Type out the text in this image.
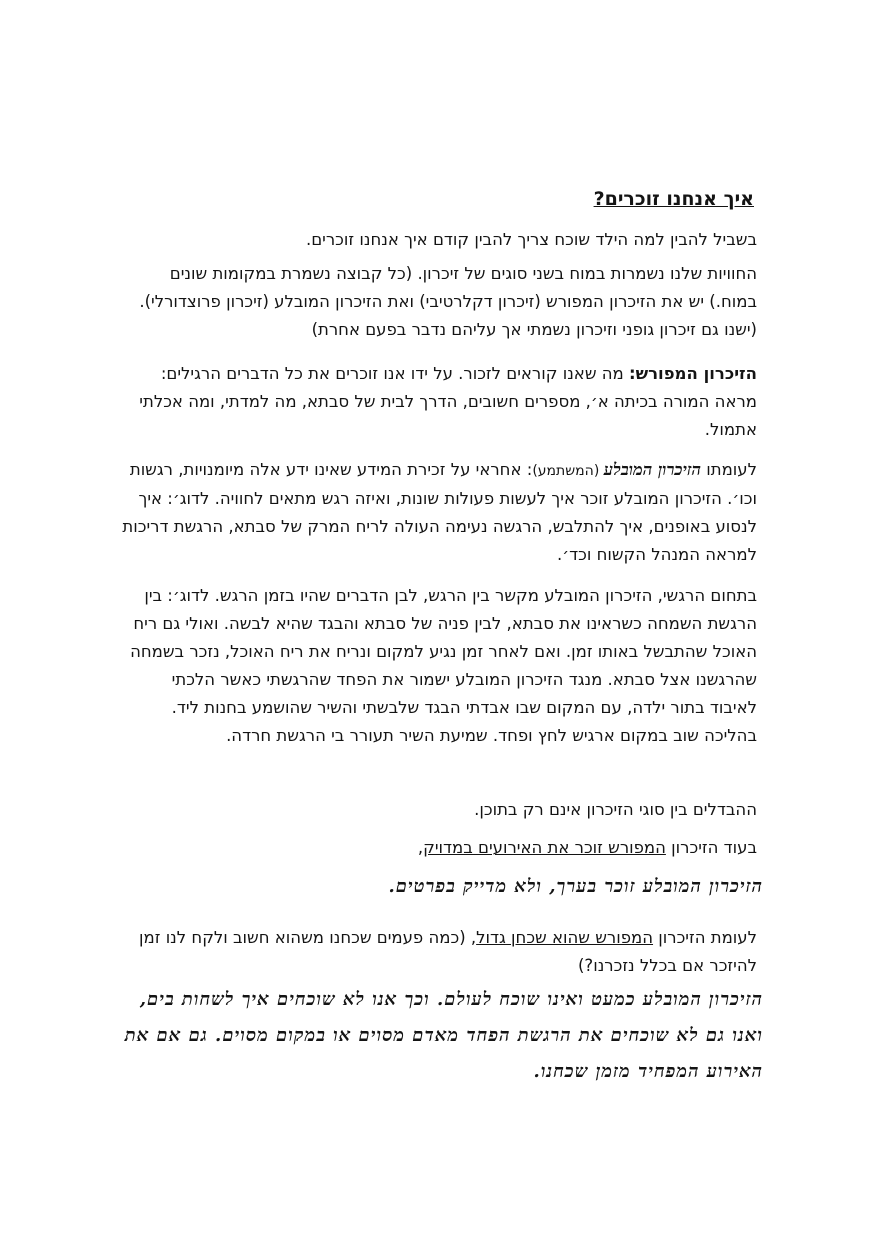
איך אנחנו זוכרים?
בשביל להבין למה הילד שוכח צריך להבין קודם איך אנחנו זוכרים.
החוויות שלנו נשמרות במוח בשני סוגים של זיכרון. (כל קבוצה נשמרת במקומות שונים במוח.) יש את הזיכרון המפורש (זיכרון דקלרטיבי) ואת הזיכרון המובלע (זיכרון פרוצדורלי). (ישנו גם זיכרון גופני וזיכרון נשמתי אך עליהם נדבר בפעם אחרת)
הזיכרון המפורש: מה שאנו קוראים לזכור. על ידו אנו זוכרים את כל הדברים הרגילים: מראה המורה בכיתה א׳, מספרים חשובים, הדרך לבית של סבתא, מה למדתי, ומה אכלתי אתמול.
לעומתו הזיכרון המובלע (המשתמע): אחראי על זכירת המידע שאינו ידע אלה מיומנויות, רגשות וכו׳. הזיכרון המובלע זוכר איך לעשות פעולות שונות, ואיזה רגש מתאים לחוויה. לדוג׳: איך לנסוע באופנים, איך להתלבש, הרגשה נעימה העולה לריח המרק של סבתא, הרגשת דריכות למראה המנהל הקשוח וכד׳.
בתחום הרגשי, הזיכרון המובלע מקשר בין הרגש, לבן הדברים שהיו בזמן הרגש. לדוג׳: בין הרגשת השמחה כשראינו את סבתא, לבין פניה של סבתא והבגד שהיא לבשה. ואולי גם ריח האוכל שהתבשל באותו זמן. ואם לאחר זמן נגיע למקום ונריח את ריח האוכל, נזכר בשמחה שהרגשנו אצל סבתא. מנגד הזיכרון המובלע ישמור את הפחד שהרגשתי כאשר הלכתי לאיבוד בתור ילדה, עם המקום שבו אבדתי הבגד שלבשתי והשיר שהושמע בחנות ליד. בהליכה שוב במקום ארגיש לחץ ופחד. שמיעת השיר תעורר בי הרגשת חרדה.
ההבדלים בין סוגי הזיכרון אינם רק בתוכן.
בעוד הזיכרון המפורש זוכר את האירועים במדויק,
הזיכרון המובלע זוכר בערך, ולא מדייק בפרטים.
לעומת הזיכרון המפורש שהוא שכחן גדול, (כמה פעמים שכחנו משהוא חשוב ולקח לנו זמן להיזכר אם בכלל נזכרנו?)
הזיכרון המובלע כמעט ואינו שוכח לעולם. וכך אנו לא שוכחים איך לשחות בים, ואנו גם לא שוכחים את הרגשת הפחד מאדם מסוים או במקום מסוים. גם אם את האירוע המפחיד מזמן שכחנו.
